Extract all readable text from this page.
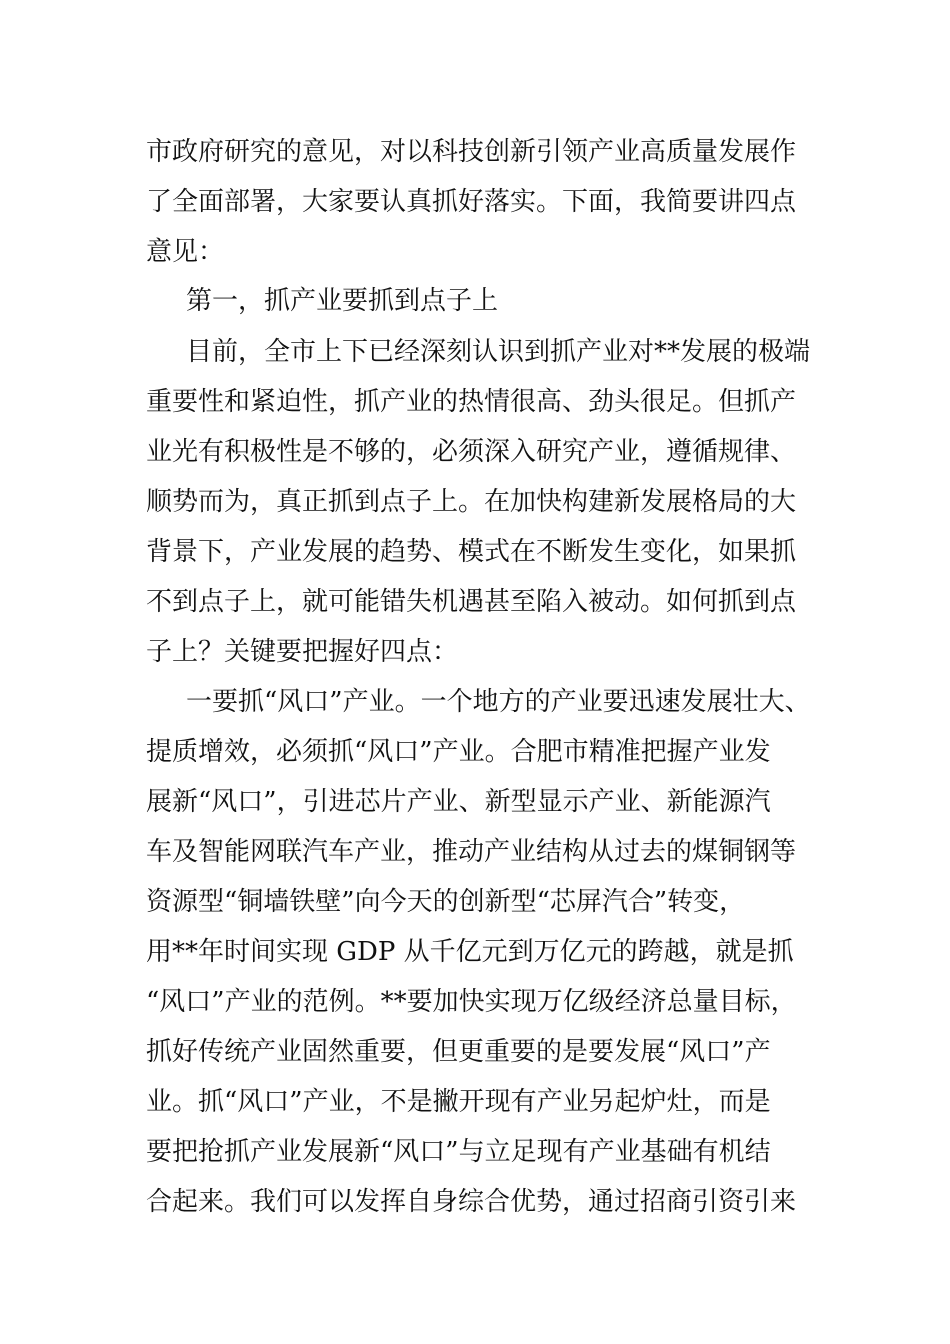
市政府研究的意见，对以科技创新引领产业高质量发展作

了全面部署，大家要认真抓好落实。下面，我简要讲四点

意见：

第一，抓产业要抓到点子上

目前，全市上下已经深刻认识到抓产业对**发展的极端

重要性和紧迫性，抓产业的热情很高、劲头很足。但抓产

业光有积极性是不够的，必须深入研究产业，遵循规律、

顺势而为，真正抓到点子上。在加快构建新发展格局的大

背景下，产业发展的趋势、模式在不断发生变化，如果抓

不到点子上，就可能错失机遇甚至陷入被动。如何抓到点

子上？关键要把握好四点：

一要抓“风口”产业。一个地方的产业要迅速发展壮大、

提质增效，必须抓“风口”产业。合肥市精准把握产业发

展新“风口”，引进芯片产业、新型显示产业、新能源汽

车及智能网联汽车产业，推动产业结构从过去的煤铜钢等

资源型“铜墙铁壁”向今天的创新型“芯屏汽合”转变，

用**年时间实现 GDP 从千亿元到万亿元的跨越，就是抓

“风口”产业的范例。**要加快实现万亿级经济总量目标，

抓好传统产业固然重要，但更重要的是要发展“风口”产

业。抓“风口”产业，不是撇开现有产业另起炉灶，而是

要把抢抓产业发展新“风口”与立足现有产业基础有机结

合起来。我们可以发挥自身综合优势，通过招商引资引来
